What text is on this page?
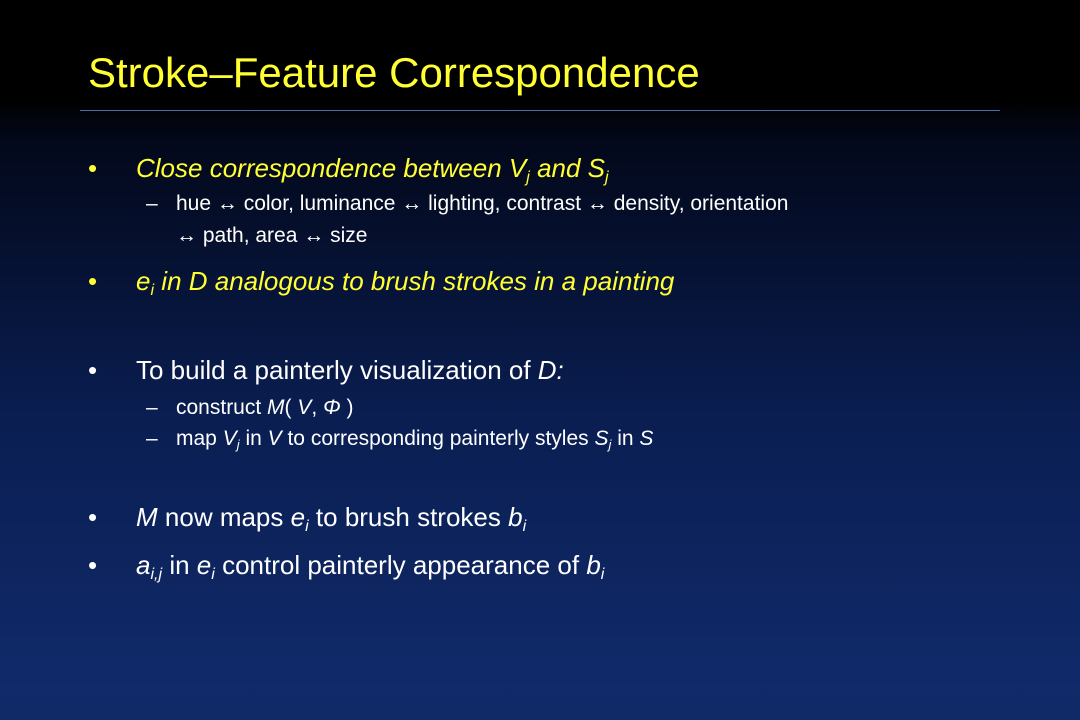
Stroke–Feature Correspondence
• Close correspondence between Vj and Sj
– hue ↔ color, luminance ↔ lighting, contrast ↔ density, orientation
↔ path, area ↔ size
• ei in D analogous to brush strokes in a painting
• To build a painterly visualization of D:
– construct M( V, Φ )
– map Vj in V to corresponding painterly styles Sj in S
• M now maps ei to brush strokes bi
• ai,j in ei control painterly appearance of bi
